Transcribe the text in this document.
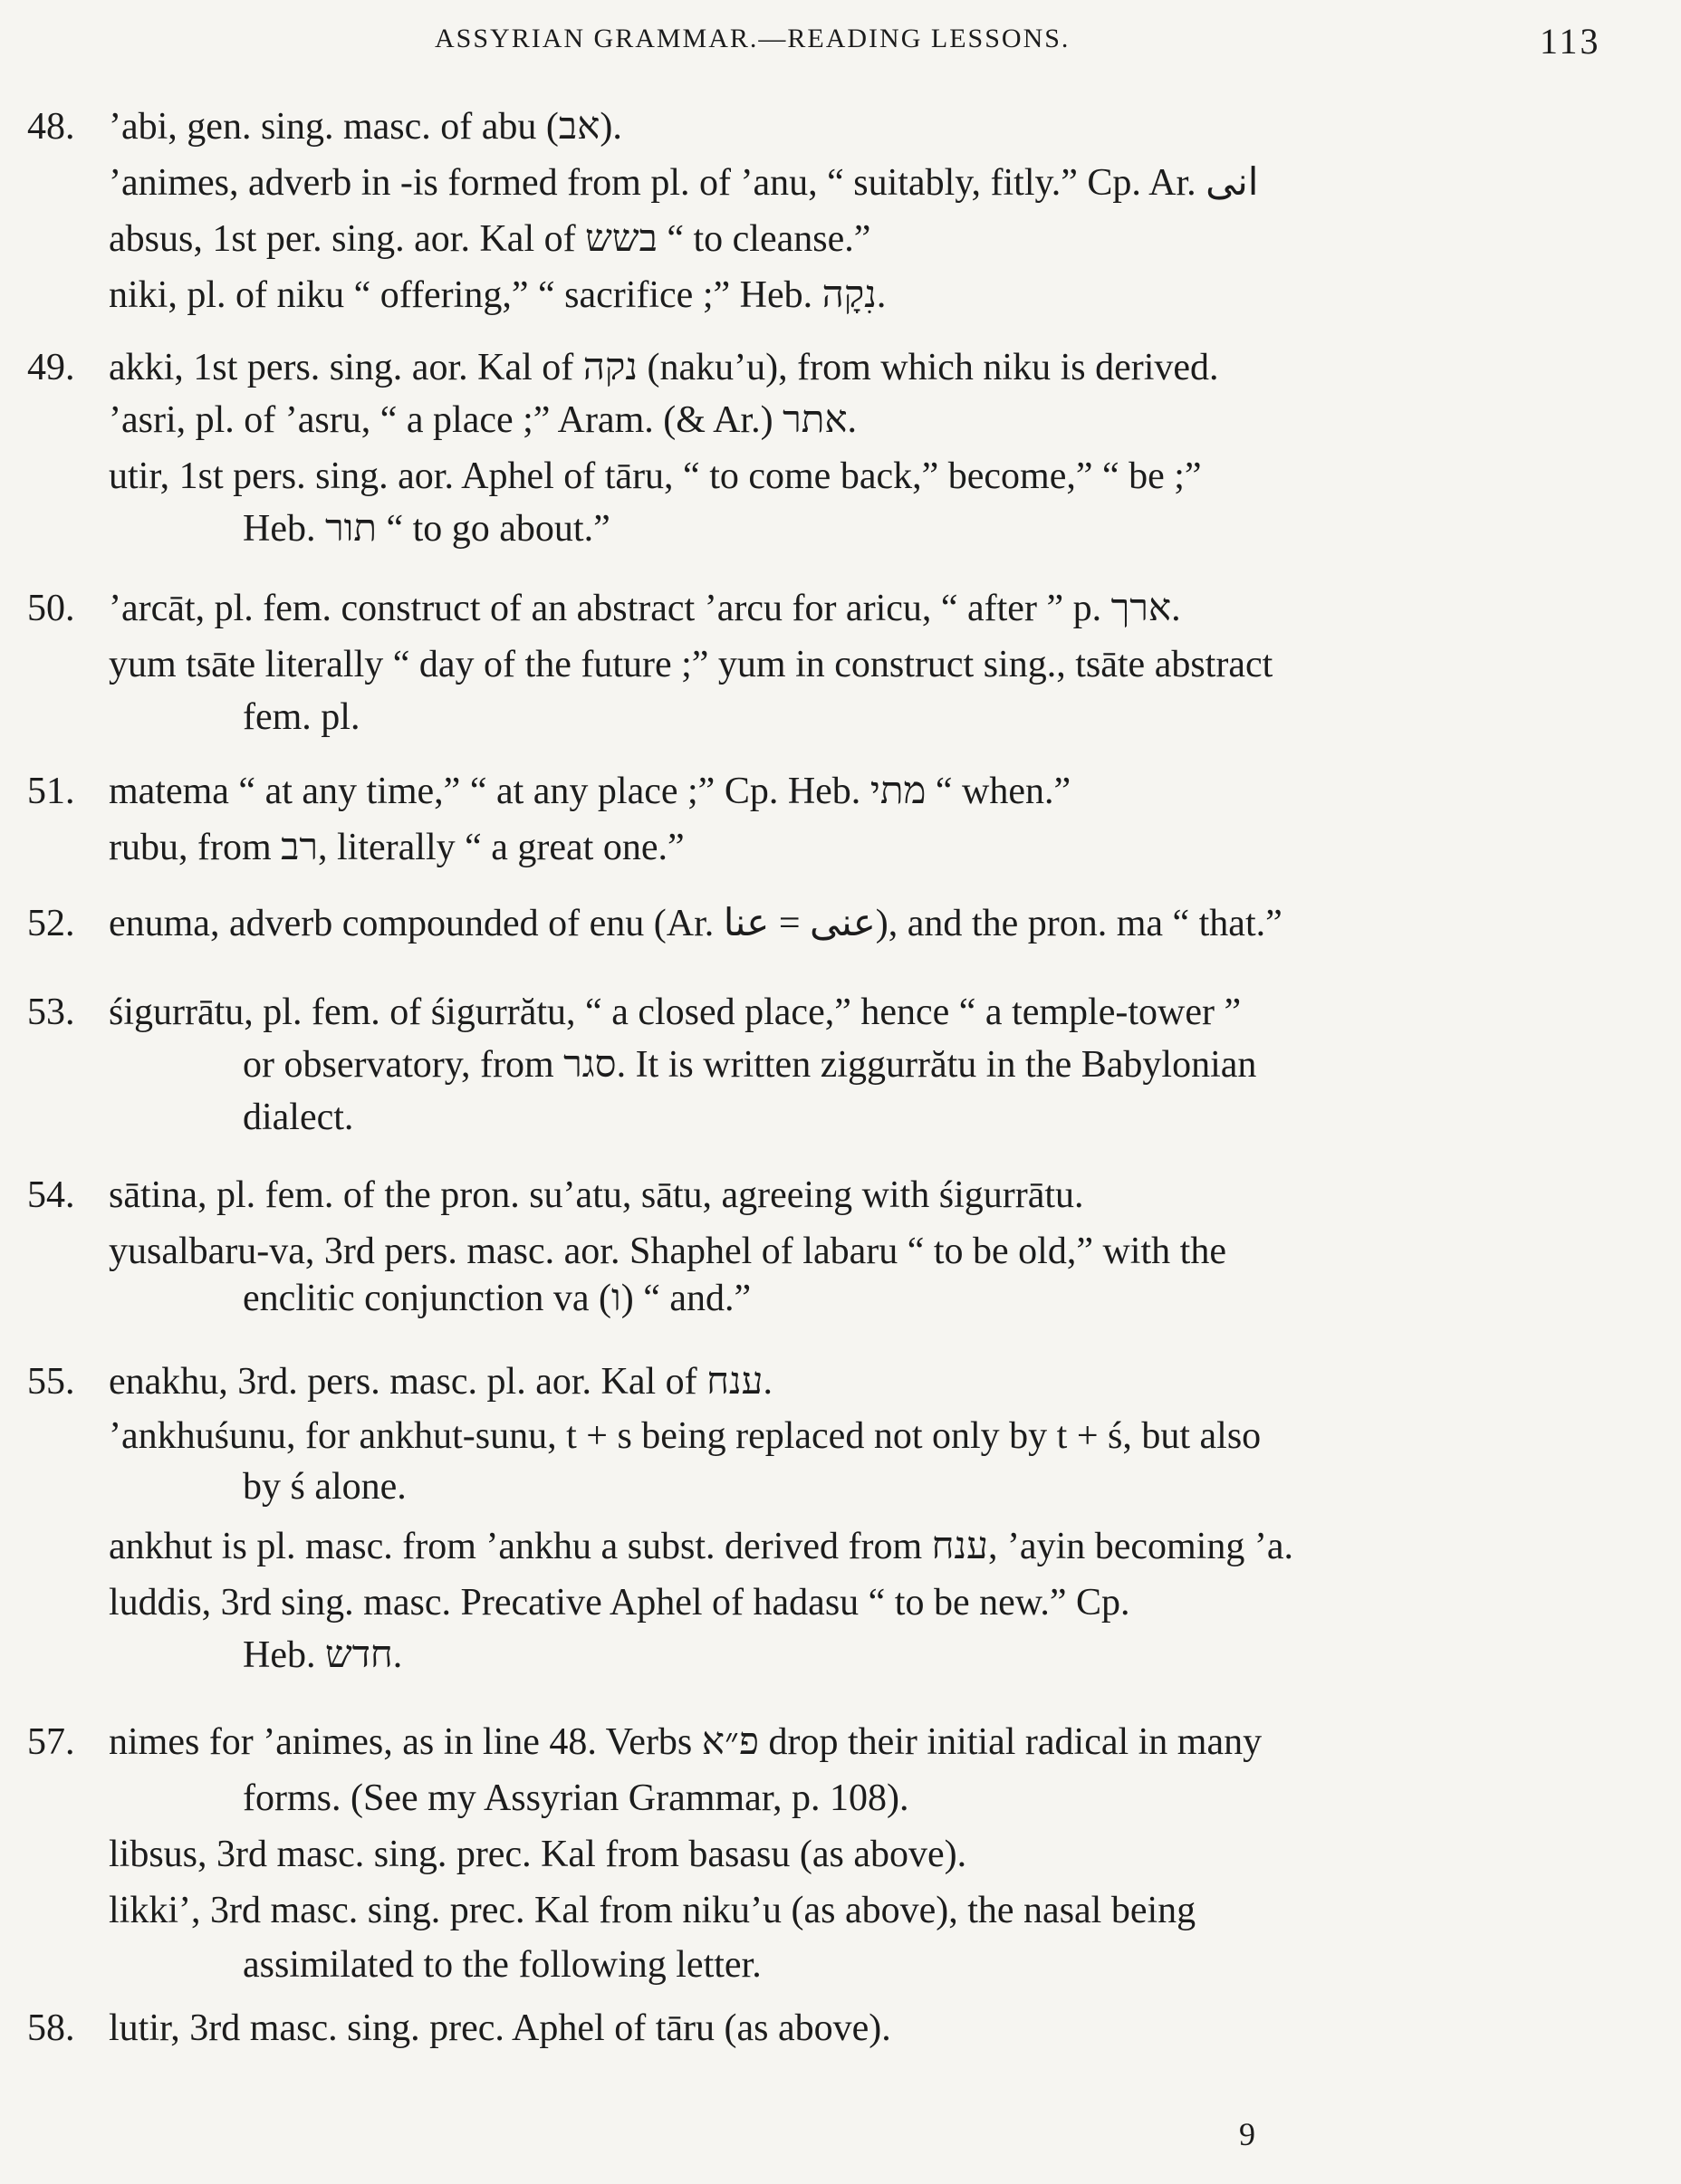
ASSYRIAN GRAMMAR.—READING LESSONS.	113
48. ’abi, gen. sing. masc. of abu (אב).
’animes, adverb in -is formed from pl. of ’anu, “ suitably, fitly.” Cp. Ar. انى
absus, 1st per. sing. aor. Kal of בשש “ to cleanse.”
niki, pl. of niku “ offering,” “ sacrifice ;” Heb. נִקָה.
49. akki, 1st pers. sing. aor. Kal of נקה (naku’u), from which niku is derived.
’asri, pl. of ’asru, “ a place ;” Aram. (& Ar.) אתר.
utir, 1st pers. sing. aor. Aphel of tāru, “ to come back,” become,” “ be ;”
Heb. תור “ to go about.”
50. ’arcāt, pl. fem. construct of an abstract ’arcu for aricu, “ after ” p. ארך.
yum tsāte literally “ day of the future ;” yum in construct sing., tsāte abstract
fem. pl.
51. matema “ at any time,” “ at any place ;” Cp. Heb. מתי “ when.”
rubu, from רב, literally “ a great one.”
52. enuma, adverb compounded of enu (Ar. عنى = عنا), and the pron. ma “ that.”
53. śigurrātu, pl. fem. of śigurrătu, “ a closed place,” hence “ a temple-tower ”
or observatory, from סגר. It is written ziggurrătu in the Babylonian
dialect.
54. sātina, pl. fem. of the pron. su’atu, sātu, agreeing with śigurrātu.
yusalbaru-va, 3rd pers. masc. aor. Shaphel of labaru “ to be old,” with the
enclitic conjunction va (ו) “ and.”
55. enakhu, 3rd. pers. masc. pl. aor. Kal of ענח.
’ankhuśunu, for ankhut-sunu, t + s being replaced not only by t + ś, but also
by ś alone.
ankhut is pl. masc. from ’ankhu a subst. derived from ענח, ’ayin becoming ’a.
luddis, 3rd sing. masc. Precative Aphel of hadasu “ to be new.” Cp.
Heb. חדש.
57. nimes for ’animes, as in line 48. Verbs פ״א drop their initial radical in many
forms. (See my Assyrian Grammar, p. 108).
libsus, 3rd masc. sing. prec. Kal from basasu (as above).
likki’, 3rd masc. sing. prec. Kal from niku’u (as above), the nasal being
assimilated to the following letter.
58. lutir, 3rd masc. sing. prec. Aphel of tāru (as above).
9
